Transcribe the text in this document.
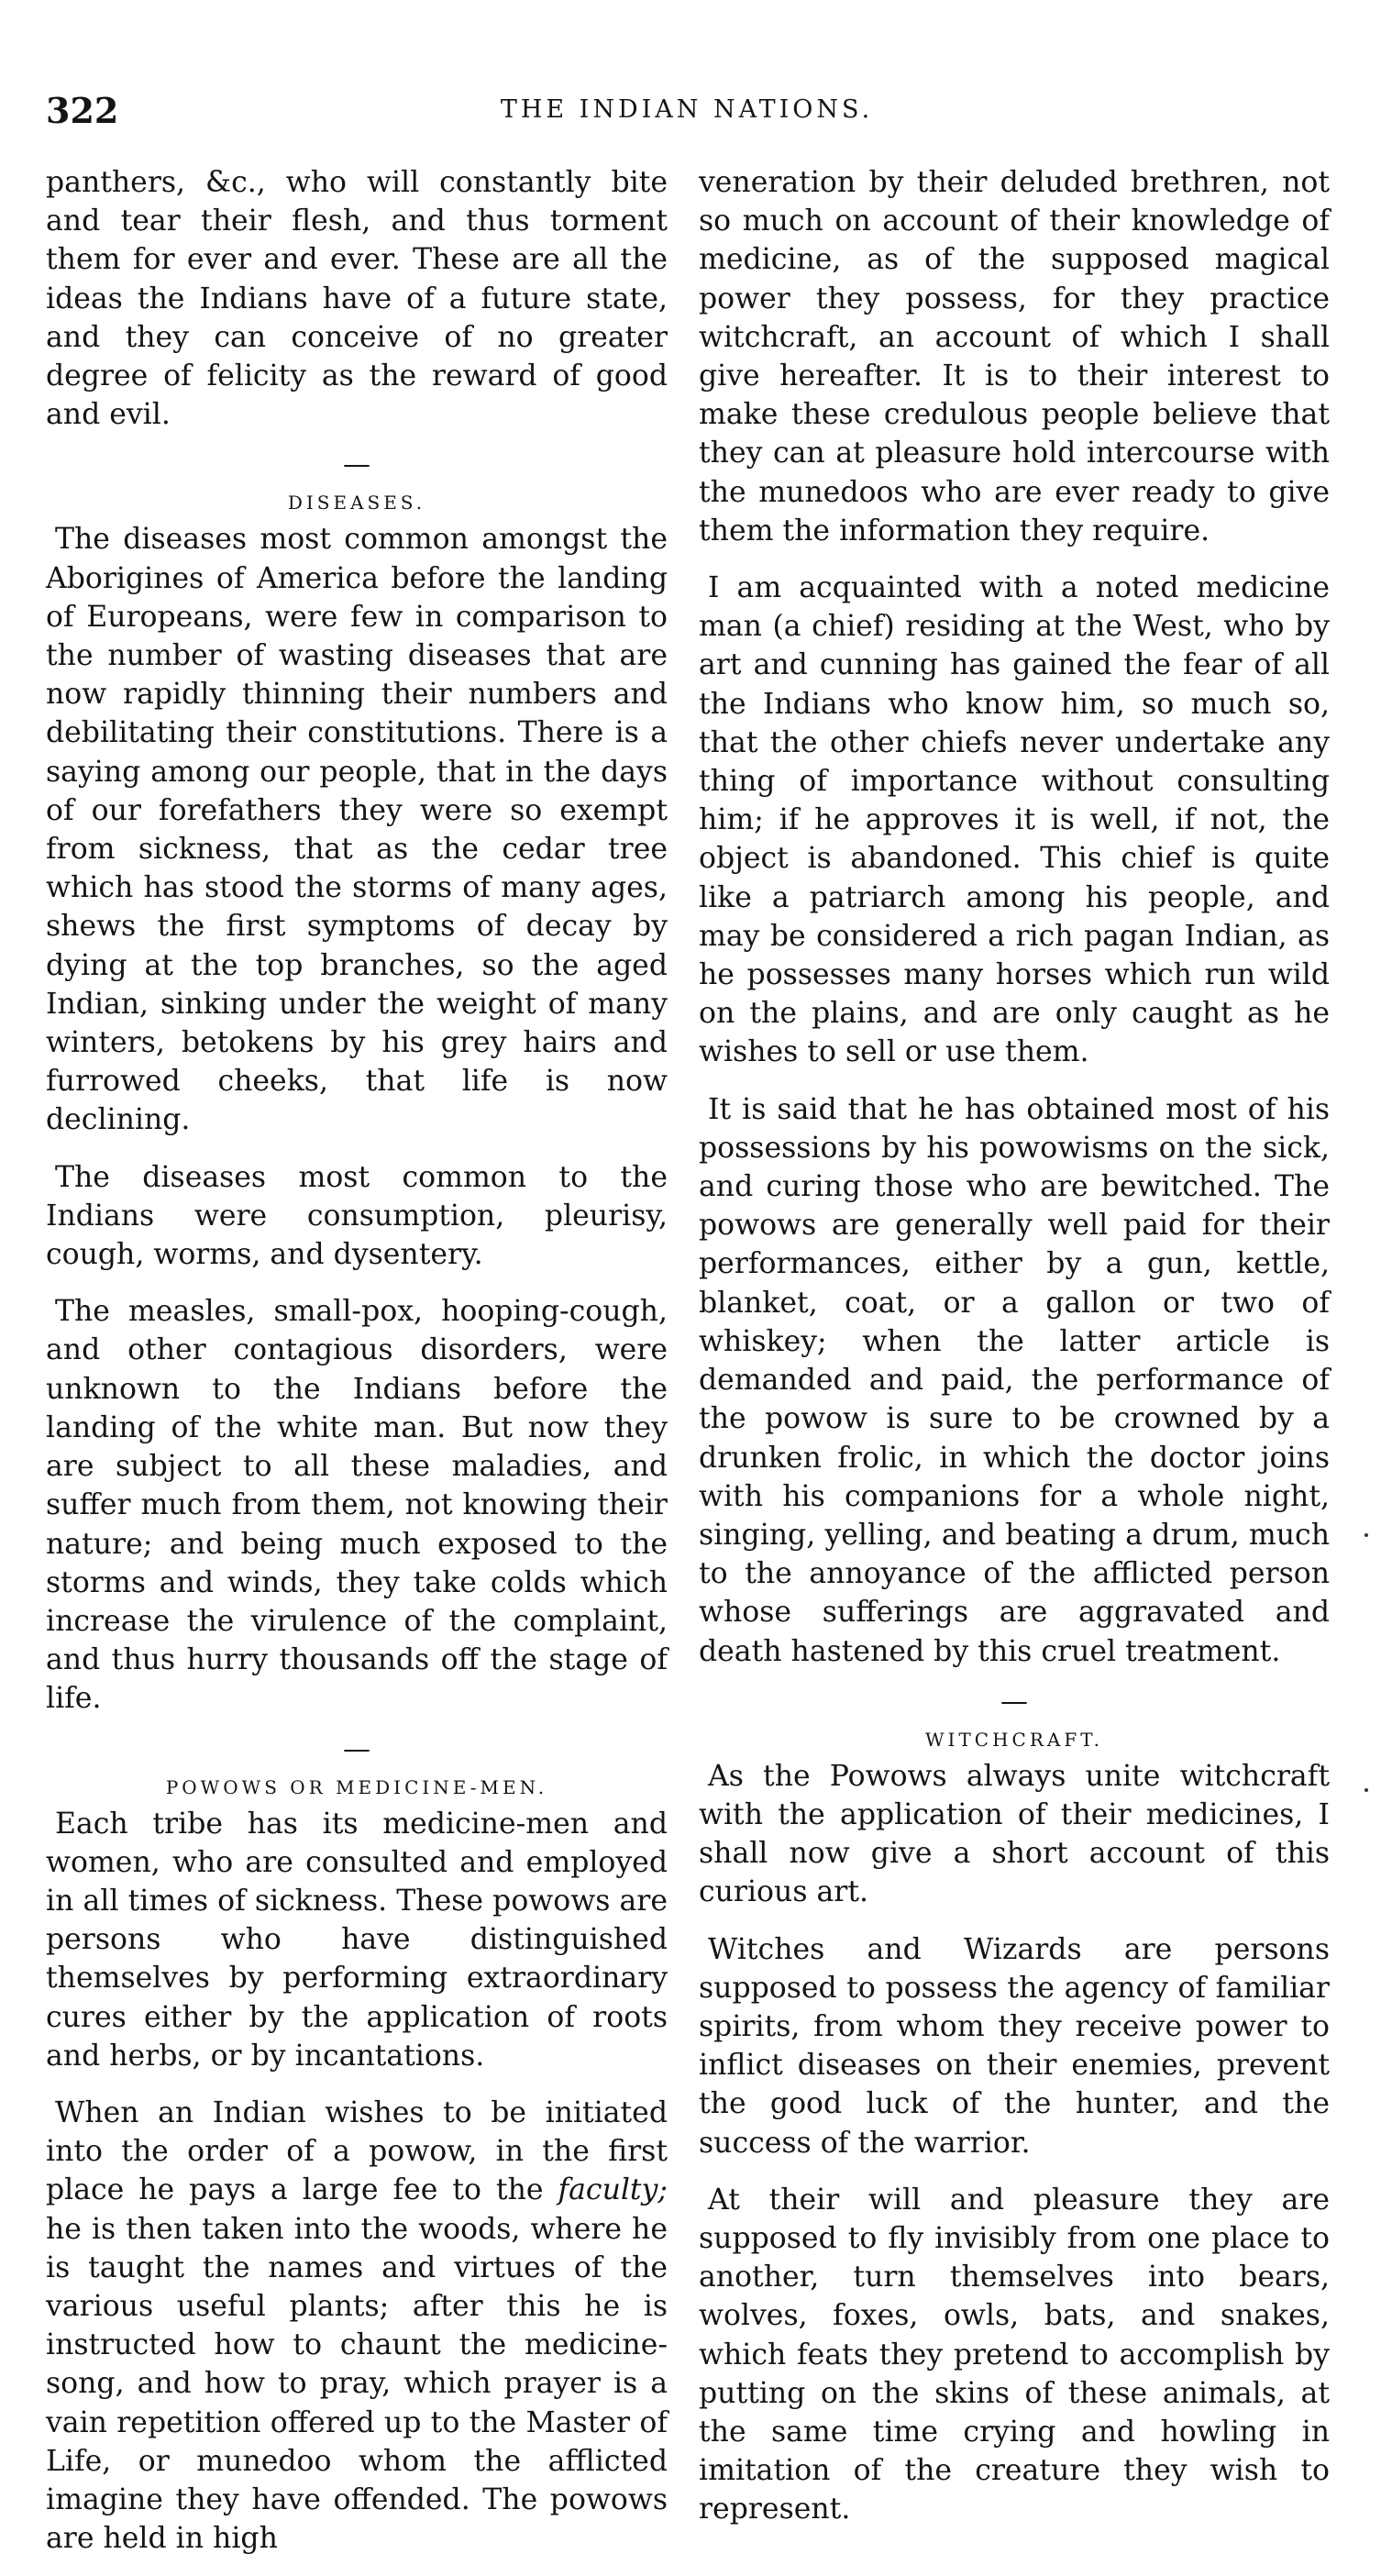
322	THE INDIAN NATIONS.

panthers, &c., who will constantly bite and tear their flesh, and thus torment them for ever and ever. These are all the ideas the Indians have of a future state, and they can conceive of no greater degree of felicity as the reward of good and evil.

—
DISEASES.

The diseases most common amongst the Aborigines of America before the landing of Europeans, were few in comparison to the number of wasting diseases that are now rapidly thinning their numbers and debilitating their constitutions. There is a saying among our people, that in the days of our forefathers they were so exempt from sickness, that as the cedar tree which has stood the storms of many ages, shews the first symptoms of decay by dying at the top branches, so the aged Indian, sinking under the weight of many winters, betokens by his grey hairs and furrowed cheeks, that life is now declining.

The diseases most common to the Indians were consumption, pleurisy, cough, worms, and dysentery.

The measles, small-pox, hooping-cough, and other contagious disorders, were unknown to the Indians before the landing of the white man. But now they are subject to all these maladies, and suffer much from them, not knowing their nature; and being much exposed to the storms and winds, they take colds which increase the virulence of the complaint, and thus hurry thousands off the stage of life.

—
POWOWS OR MEDICINE-MEN.

Each tribe has its medicine-men and women, who are consulted and employed in all times of sickness. These powows are persons who have distinguished themselves by performing extraordinary cures either by the application of roots and herbs, or by incantations.

When an Indian wishes to be initiated into the order of a powow, in the first place he pays a large fee to the faculty; he is then taken into the woods, where he is taught the names and virtues of the various useful plants; after this he is instructed how to chaunt the medicine-song, and how to pray, which prayer is a vain repetition offered up to the Master of Life, or munedoo whom the afflicted imagine they have offended. The powows are held in high

veneration by their deluded brethren, not so much on account of their knowledge of medicine, as of the supposed magical power they possess, for they practice witchcraft, an account of which I shall give hereafter. It is to their interest to make these credulous people believe that they can at pleasure hold intercourse with the munedoos who are ever ready to give them the information they require.

I am acquainted with a noted medicine man (a chief) residing at the West, who by art and cunning has gained the fear of all the Indians who know him, so much so, that the other chiefs never undertake any thing of importance without consulting him; if he approves it is well, if not, the object is abandoned. This chief is quite like a patriarch among his people, and may be considered a rich pagan Indian, as he possesses many horses which run wild on the plains, and are only caught as he wishes to sell or use them.

It is said that he has obtained most of his possessions by his powowisms on the sick, and curing those who are bewitched. The powows are generally well paid for their performances, either by a gun, kettle, blanket, coat, or a gallon or two of whiskey; when the latter article is demanded and paid, the performance of the powow is sure to be crowned by a drunken frolic, in which the doctor joins with his companions for a whole night, singing, yelling, and beating a drum, much to the annoyance of the afflicted person whose sufferings are aggravated and death hastened by this cruel treatment.

—
WITCHCRAFT.

As the Powows always unite witchcraft with the application of their medicines, I shall now give a short account of this curious art.

Witches and Wizards are persons supposed to possess the agency of familiar spirits, from whom they receive power to inflict diseases on their enemies, prevent the good luck of the hunter, and the success of the warrior.

At their will and pleasure they are supposed to fly invisibly from one place to another, turn themselves into bears, wolves, foxes, owls, bats, and snakes, which feats they pretend to accomplish by putting on the skins of these animals, at the same time crying and howling in imitation of the creature they wish to represent.
